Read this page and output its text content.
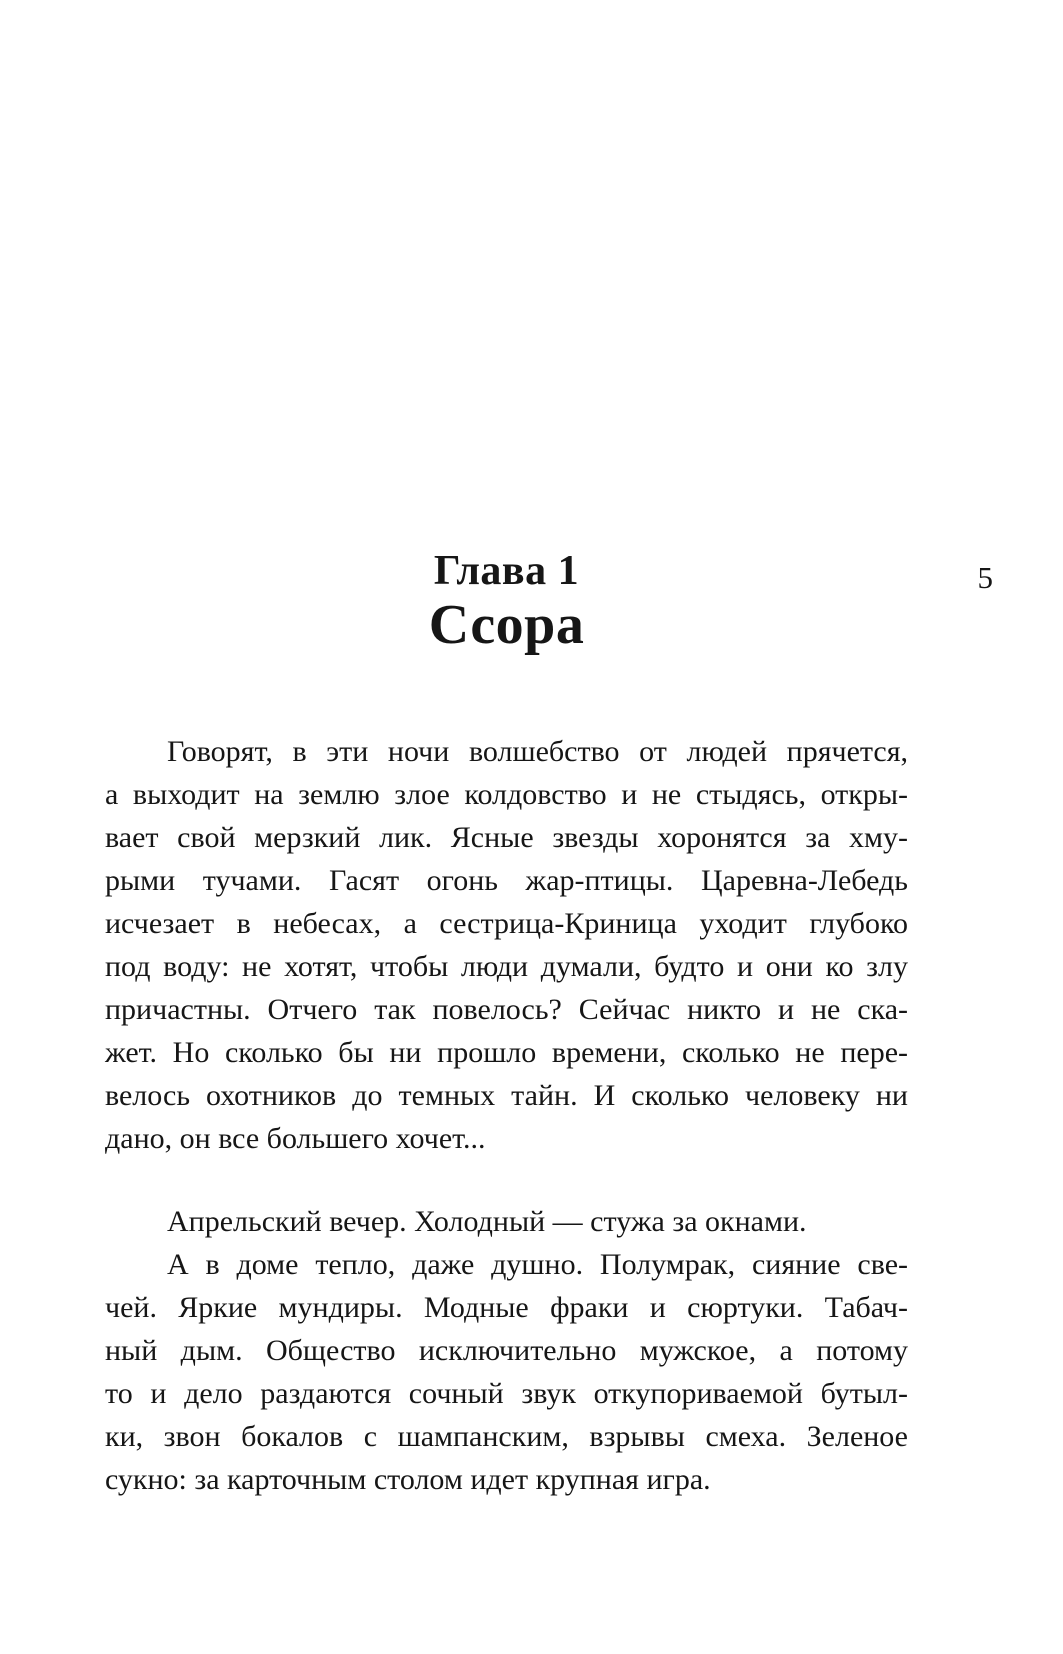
Глава 1
Ссора
5
Говорят, в эти ночи волшебство от людей прячется,
а выходит на землю злое колдовство и не стыдясь, откры-
вает свой мерзкий лик. Ясные звезды хоронятся за хму-
рыми тучами. Гасят огонь жар-птицы. Царевна-Лебедь
исчезает в небесах, а сестрица-Криница уходит глубоко
под воду: не хотят, чтобы люди думали, будто и они ко злу
причастны. Отчего так повелось? Сейчас никто и не ска-
жет. Но сколько бы ни прошло времени, сколько не пере-
велось охотников до темных тайн. И сколько человеку ни
дано, он все большего хочет...
Апрельский вечер. Холодный — стужа за окнами.
А в доме тепло, даже душно. Полумрак, сияние све-
чей. Яркие мундиры. Модные фраки и сюртуки. Табач-
ный дым. Общество исключительно мужское, а потому
то и дело раздаются сочный звук откупориваемой бутыл-
ки, звон бокалов с шампанским, взрывы смеха. Зеленое
сукно: за карточным столом идет крупная игра.
